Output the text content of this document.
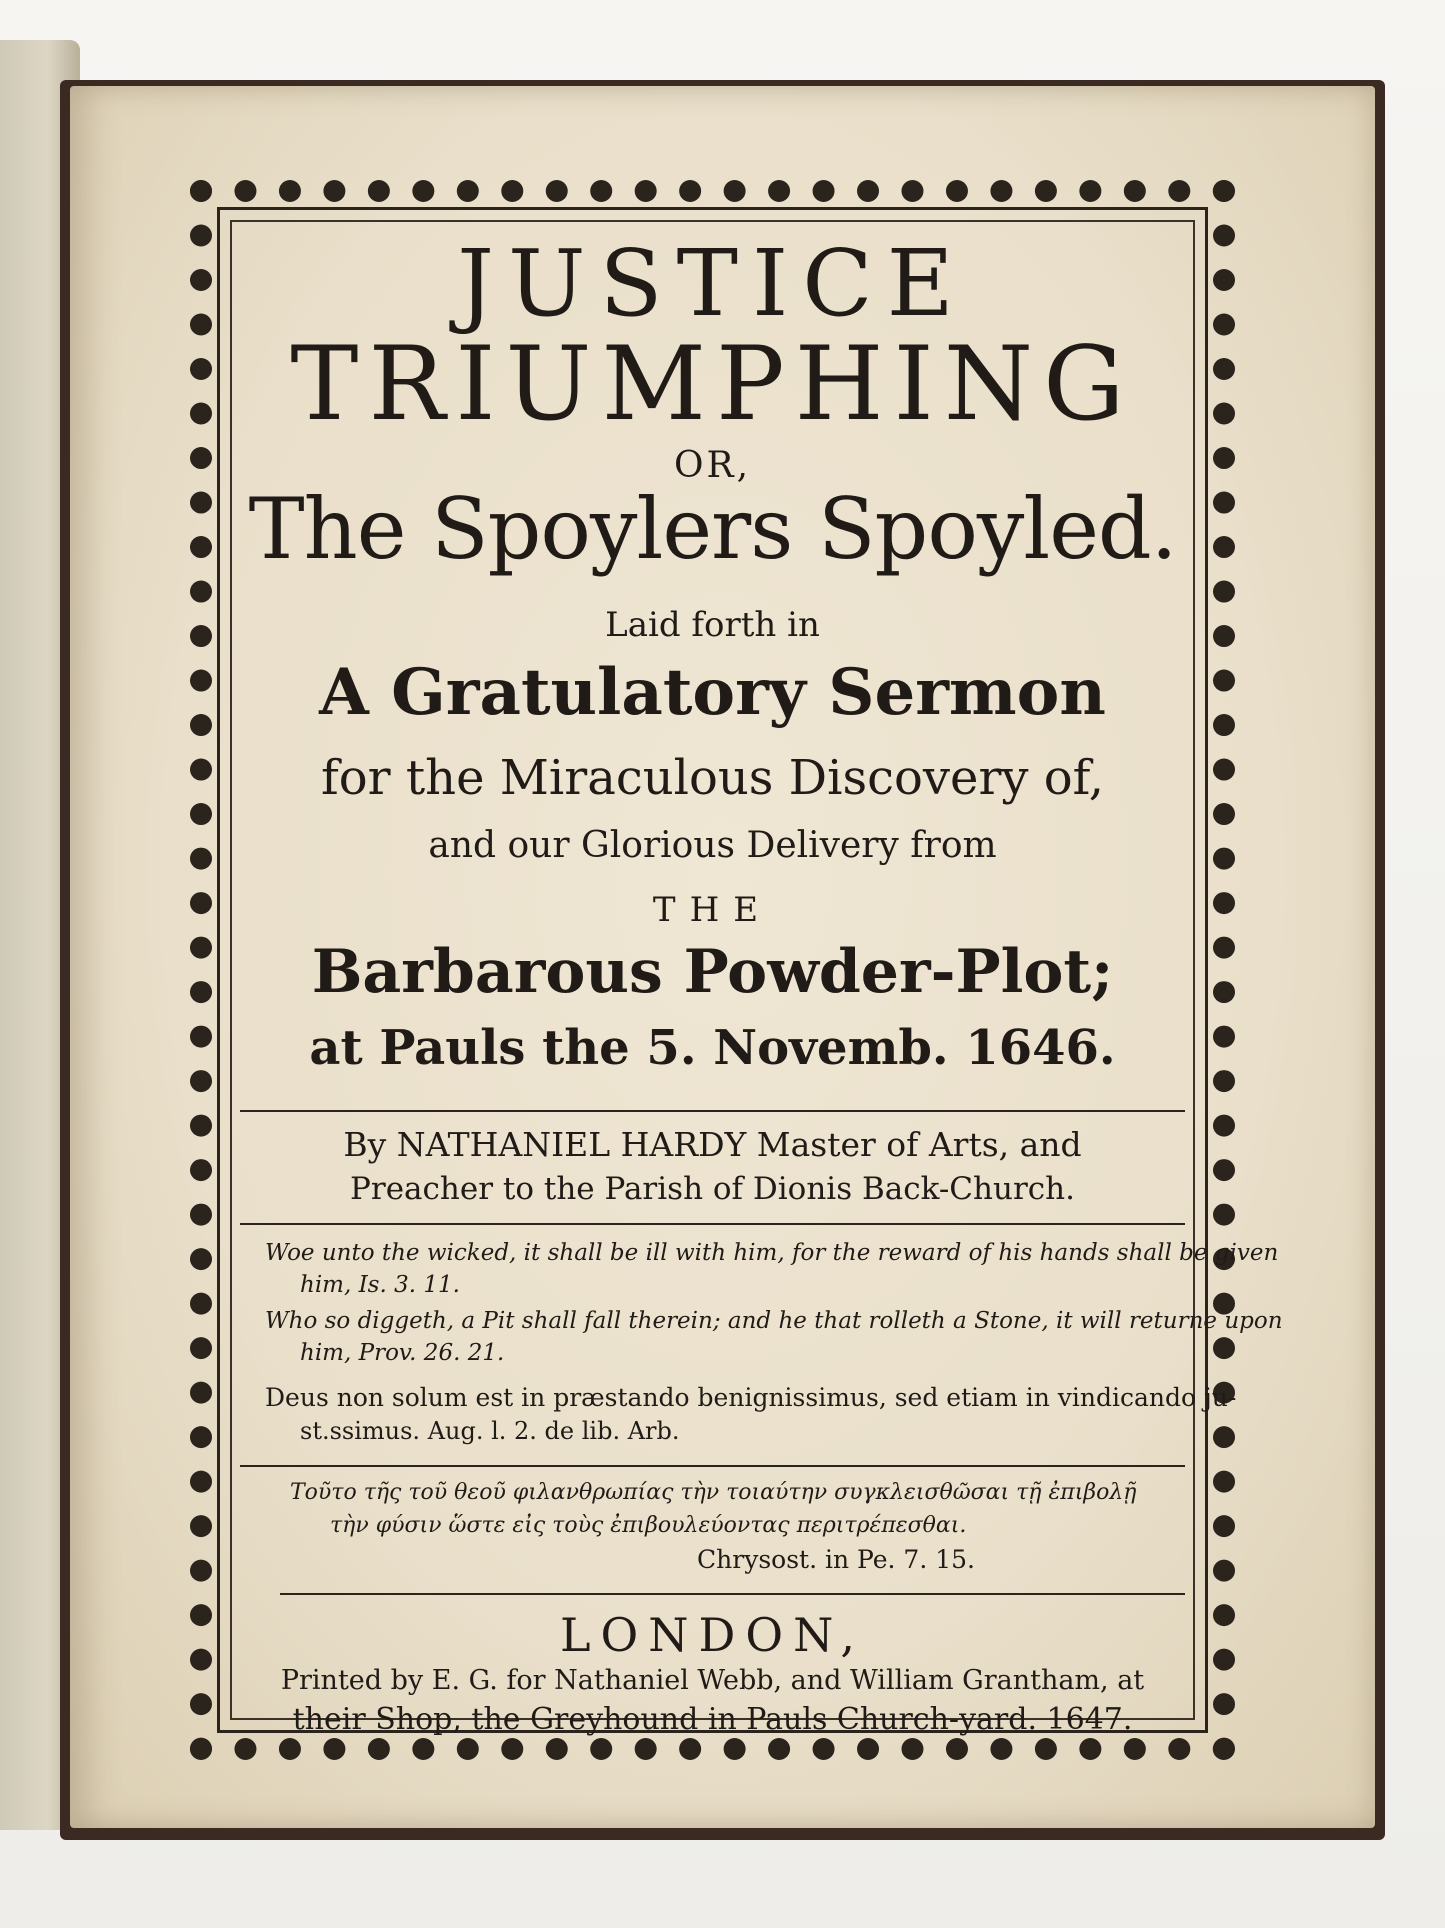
JUSTICE
TRIUMPHING
OR,
The Spoylers Spoyled.
Laid forth in
A Gratulatory Sermon
for the Miraculous Discovery of,
and our Glorious Delivery from
THE
Barbarous Powder-Plot;
at Pauls the 5. Novemb. 1646.
By NATHANIEL HARDY Master of Arts, and
Preacher to the Parish of Dionis Back-Church.
Woe unto the wicked, it shall be ill with him, for the reward of his hands shall be given
him, Is. 3. 11.
Who so diggeth, a Pit shall fall therein; and he that rolleth a Stone, it will returne upon
him, Prov. 26. 21.
Deus non solum est in præstando benignissimus, sed etiam in vindicando ju-
st.ssimus. Aug. l. 2. de lib. Arb.
Τοῦτο τῆς τοῦ θεοῦ φιλανθρωπίας τὴν τοιαύτην συγκλεισθῶσαι τῇ ἐπιβολῇ
τὴν φύσιν ὥστε εἰς τοὺς ἐπιβουλεύοντας περιτρέπεσθαι.
Chrysost. in Pe. 7. 15.
LONDON,
Printed by E. G. for Nathaniel Webb, and William Grantham, at
their Shop, the Greyhound in Pauls Church-yard. 1647.
